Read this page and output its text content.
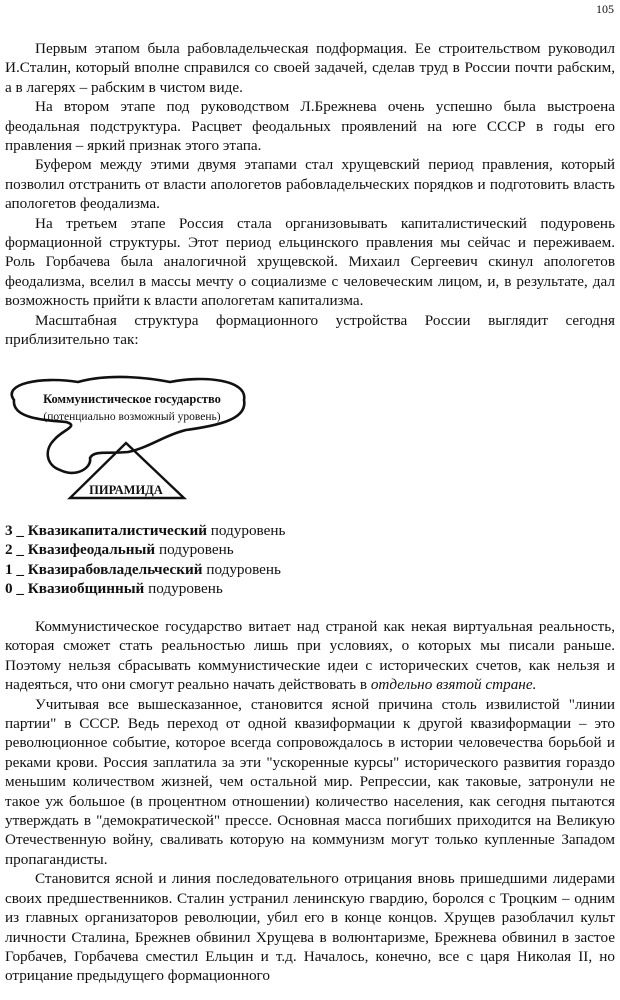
105

Первым этапом была рабовладельческая подформация. Ее строительством руководил И.Сталин, который вполне справился со своей задачей, сделав труд в России почти рабским, а в лагерях – рабским в чистом виде.

На втором этапе под руководством Л.Брежнева очень успешно была выстроена феодальная подструктура. Расцвет феодальных проявлений на юге СССР в годы его правления – яркий признак этого этапа.

Буфером между этими двумя этапами стал хрущевский период правления, который позволил отстранить от власти апологетов рабовладельческих порядков и подготовить власть апологетов феодализма.

На третьем этапе Россия стала организовывать капиталистический подуровень формационной структуры. Этот период ельцинского правления мы сейчас и переживаем. Роль Горбачева была аналогичной хрущевской. Михаил Сергеевич скинул апологетов феодализма, вселил в массы мечту о социализме с человеческим лицом, и, в результате, дал возможность прийти к власти апологетам капитализма.

Масштабная структура формационного устройства России выглядит сегодня приблизительно так:

Коммунистическое государство
(потенциально возможный уровень)
ПИРАМИДА
3 _ Квазикапиталистический подуровень
2 _ Квазифеодальный подуровень
1 _ Квазирабовладельческий подуровень
0 _ Квазиобщинный подуровень

Коммунистическое государство витает над страной как некая виртуальная реальность, которая сможет стать реальностью лишь при условиях, о которых мы писали раньше. Поэтому нельзя сбрасывать коммунистические идеи с исторических счетов, как нельзя и надеяться, что они смогут реально начать действовать в отдельно взятой стране.

Учитывая все вышесказанное, становится ясной причина столь извилистой "линии партии" в СССР. Ведь переход от одной квазиформации к другой квазиформации – это революционное событие, которое всегда сопровождалось в истории человечества борьбой и реками крови. Россия заплатила за эти "ускоренные курсы" исторического развития гораздо меньшим количеством жизней, чем остальной мир. Репрессии, как таковые, затронули не такое уж большое (в процентном отношении) количество населения, как сегодня пытаются утверждать в "демократической" прессе. Основная масса погибших приходится на Великую Отечественную войну, сваливать которую на коммунизм могут только купленные Западом пропагандисты.

Становится ясной и линия последовательного отрицания вновь пришедшими лидерами своих предшественников. Сталин устранил ленинскую гвардию, боролся с Троцким – одним из главных организаторов революции, убил его в конце концов. Хрущев разоблачил культ личности Сталина, Брежнев обвинил Хрущева в волюнтаризме, Брежнева обвинил в застое Горбачев, Горбачева сместил Ельцин и т.д. Началось, конечно, все с царя Николая II, но отрицание предыдущего формационного
